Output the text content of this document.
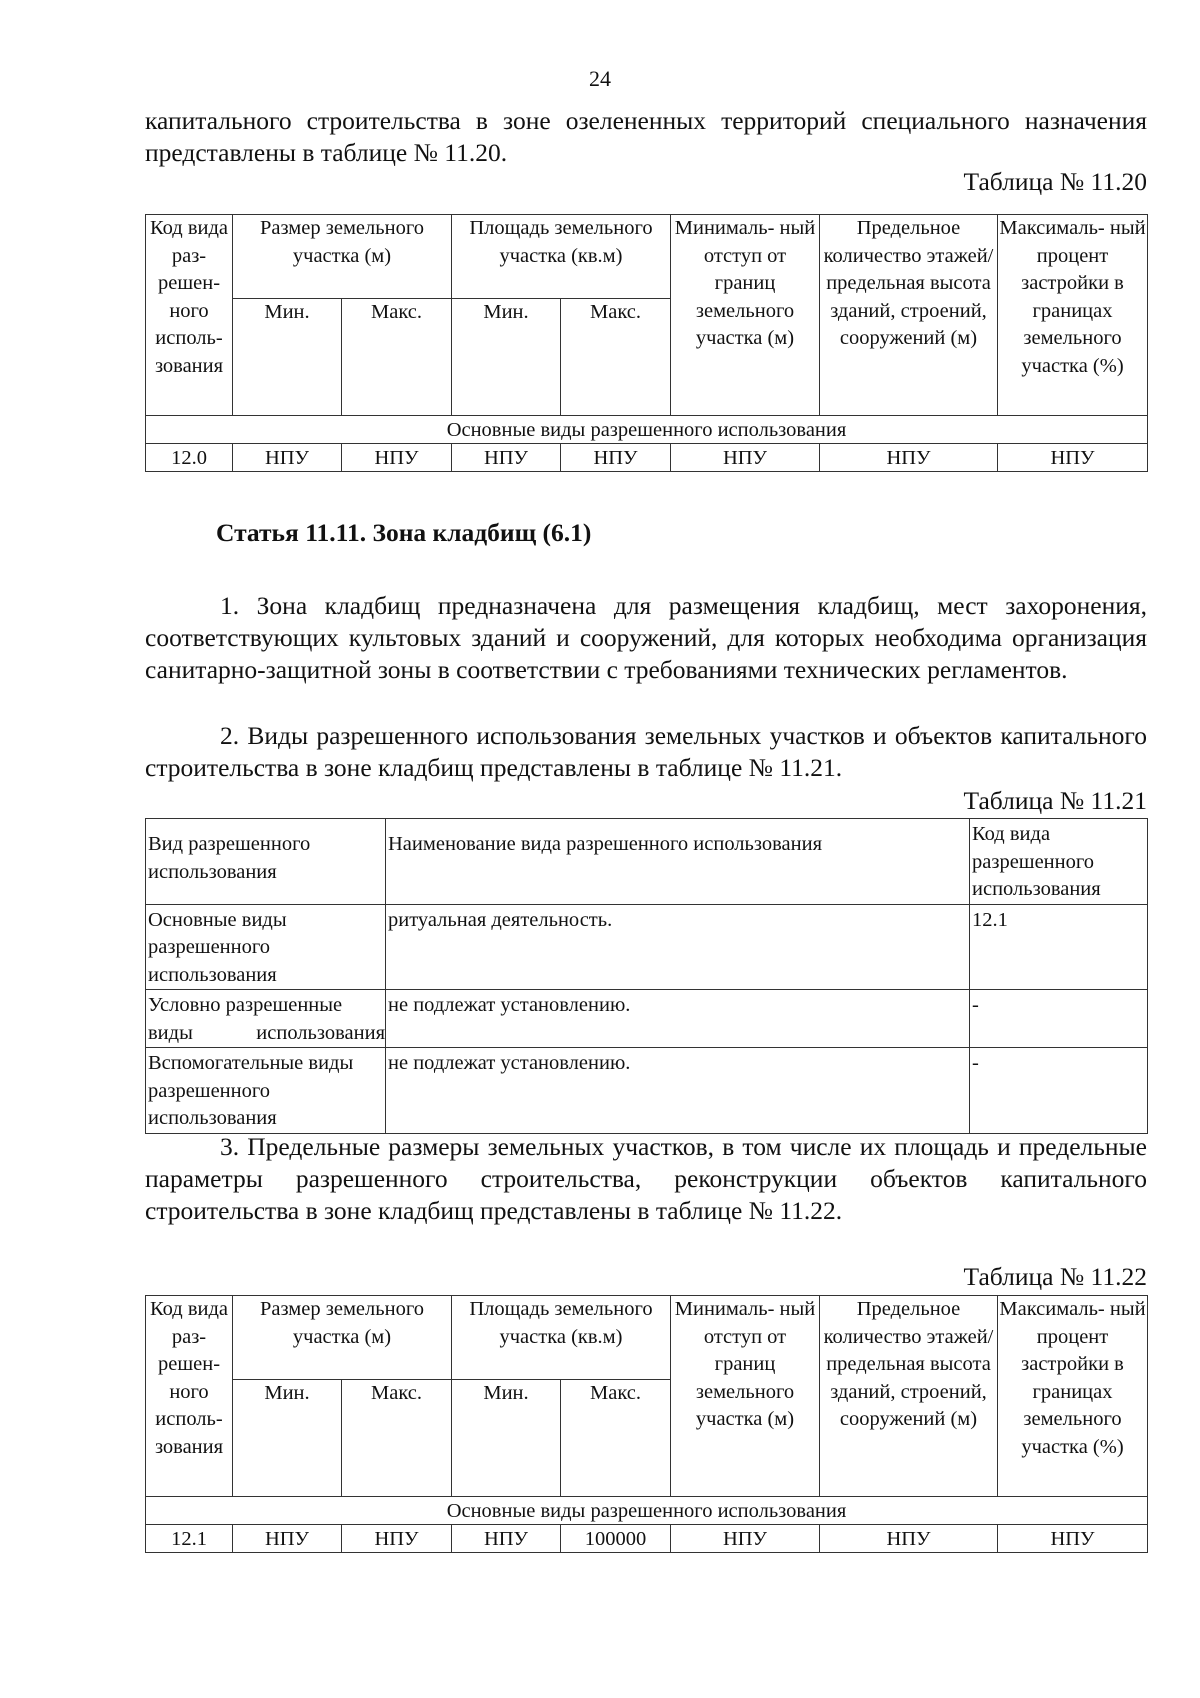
24
капитального строительства в зоне озелененных территорий специального назначения представлены в таблице № 11.20.
Таблица № 11.20
Код вида раз- решен- ного исполь- зования	Размер земельного участка (м)		Площадь земельного участка (кв.м)		Минималь- ный отступ от границ земельного участка (м)	Предельное количество этажей/ предельная высота зданий, строений, сооружений (м)	Максималь- ный процент застройки в границах земельного участка (%)
	Мин.	Макс.	Мин.	Макс.			
Основные виды разрешенного использования							
12.0	НПУ	НПУ	НПУ	НПУ	НПУ	НПУ	НПУ
Статья 11.11. Зона кладбищ (6.1)
1. Зона кладбищ предназначена для размещения кладбищ, мест захоронения, соответствующих культовых зданий и сооружений, для которых необходима организация санитарно-защитной зоны в соответствии с требованиями технических регламентов.
2. Виды разрешенного использования земельных участков и объектов капитального строительства в зоне кладбищ представлены в таблице № 11.21.
Таблица № 11.21
Вид разрешенного использования	Наименование вида разрешенного использования	Код вида разрешенного использования
Основные виды разрешенного использования	ритуальная деятельность.	12.1
Условно разрешенные виды использования	не подлежат установлению.	-
Вспомогательные виды разрешенного использования	не подлежат установлению.	-
3. Предельные размеры земельных участков, в том числе их площадь и предельные параметры разрешенного строительства, реконструкции объектов капитального строительства в зоне кладбищ представлены в таблице № 11.22.
Таблица № 11.22
Код вида раз- решен- ного исполь- зования	Размер земельного участка (м)		Площадь земельного участка (кв.м)		Минималь- ный отступ от границ земельного участка (м)	Предельное количество этажей/ предельная высота зданий, строений, сооружений (м)	Максималь- ный процент застройки в границах земельного участка (%)
	Мин.	Макс.	Мин.	Макс.			
Основные виды разрешенного использования							
12.1	НПУ	НПУ	НПУ	100000	НПУ	НПУ	НПУ
